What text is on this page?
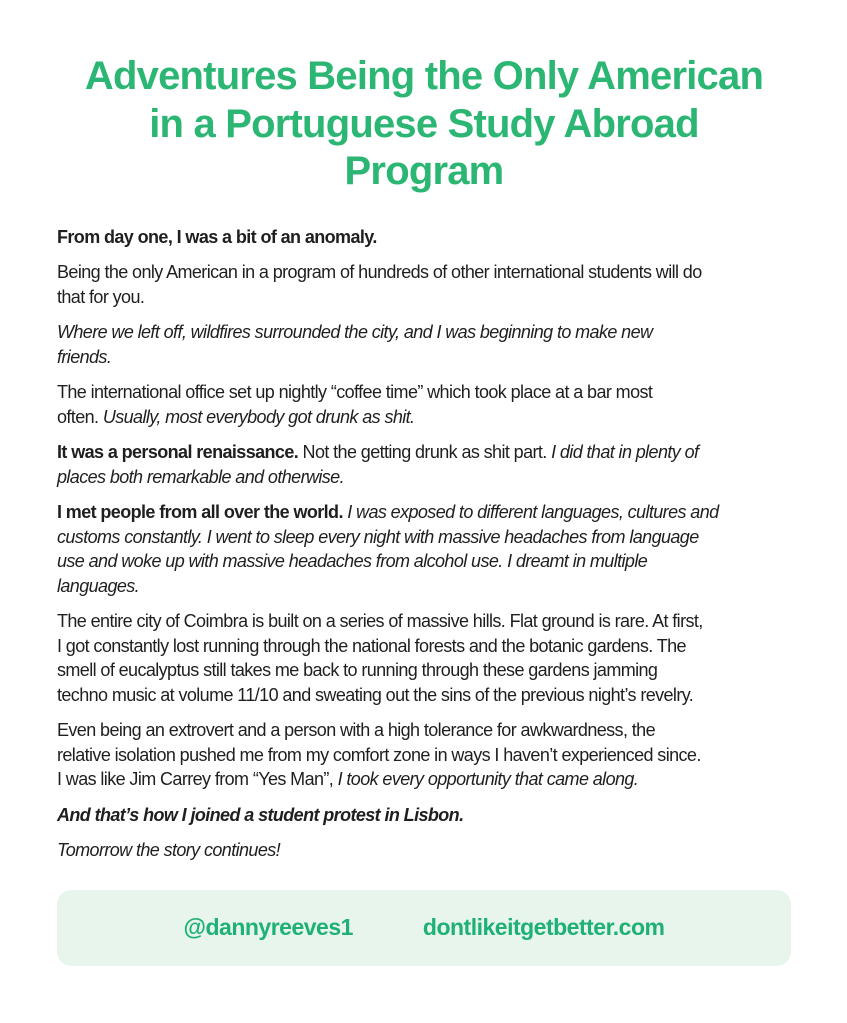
Adventures Being the Only American
in a Portuguese Study Abroad
Program

From day one, I was a bit of an anomaly.

Being the only American in a program of hundreds of other international students will do
that for you.

Where we left off, wildfires surrounded the city, and I was beginning to make new
friends.

The international office set up nightly “coffee time” which took place at a bar most
often. Usually, most everybody got drunk as shit.

It was a personal renaissance. Not the getting drunk as shit part. I did that in plenty of
places both remarkable and otherwise.

I met people from all over the world. I was exposed to different languages, cultures and
customs constantly. I went to sleep every night with massive headaches from language
use and woke up with massive headaches from alcohol use. I dreamt in multiple
languages.

The entire city of Coimbra is built on a series of massive hills. Flat ground is rare. At first,
I got constantly lost running through the national forests and the botanic gardens. The
smell of eucalyptus still takes me back to running through these gardens jamming
techno music at volume 11/10 and sweating out the sins of the previous night’s revelry.

Even being an extrovert and a person with a high tolerance for awkwardness, the
relative isolation pushed me from my comfort zone in ways I haven’t experienced since.
I was like Jim Carrey from “Yes Man”, I took every opportunity that came along.

And that’s how I joined a student protest in Lisbon.

Tomorrow the story continues!

@dannyreeves1	dontlikeitgetbetter.com
